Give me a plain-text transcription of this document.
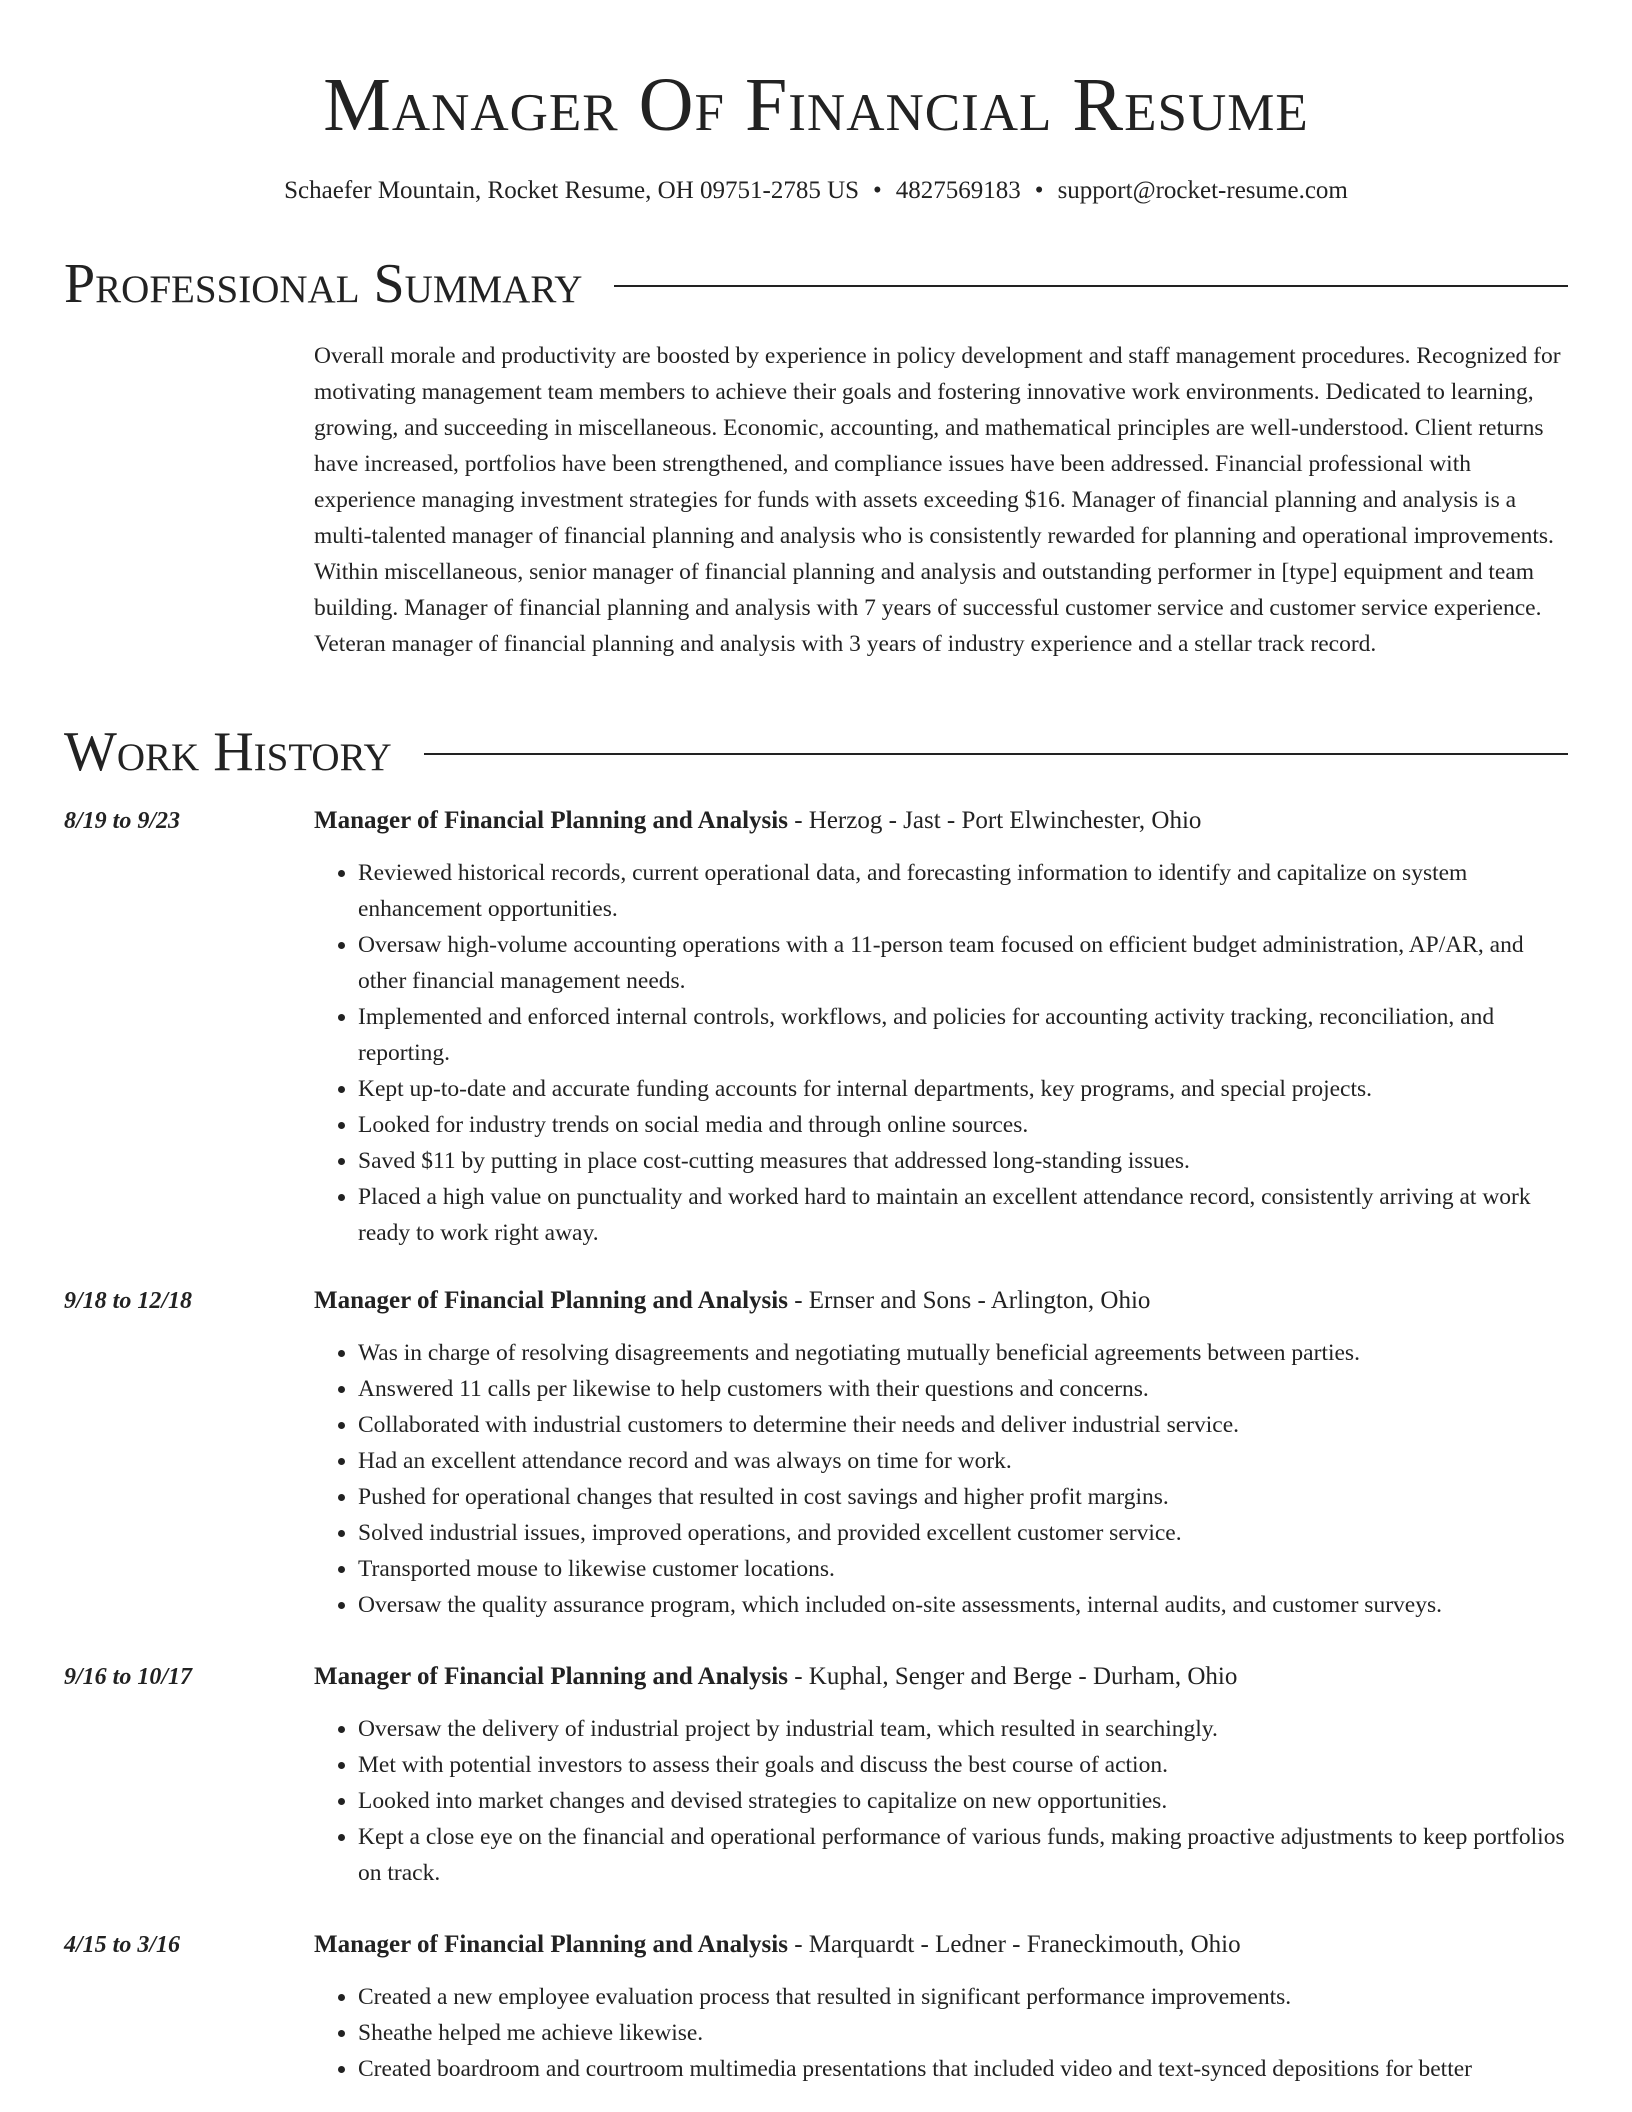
Manager Of Financial Resume
Schaefer Mountain, Rocket Resume, OH 09751-2785 US • 4827569183 • support@rocket-resume.com
Professional Summary
Overall morale and productivity are boosted by experience in policy development and staff management procedures. Recognized for motivating management team members to achieve their goals and fostering innovative work environments. Dedicated to learning, growing, and succeeding in miscellaneous. Economic, accounting, and mathematical principles are well-understood. Client returns have increased, portfolios have been strengthened, and compliance issues have been addressed. Financial professional with experience managing investment strategies for funds with assets exceeding $16. Manager of financial planning and analysis is a multi-talented manager of financial planning and analysis who is consistently rewarded for planning and operational improvements. Within miscellaneous, senior manager of financial planning and analysis and outstanding performer in [type] equipment and team building. Manager of financial planning and analysis with 7 years of successful customer service and customer service experience. Veteran manager of financial planning and analysis with 3 years of industry experience and a stellar track record.
Work History
8/19 to 9/23	Manager of Financial Planning and Analysis - Herzog - Jast - Port Elwinchester, Ohio
• Reviewed historical records, current operational data, and forecasting information to identify and capitalize on system enhancement opportunities.
• Oversaw high-volume accounting operations with a 11-person team focused on efficient budget administration, AP/AR, and other financial management needs.
• Implemented and enforced internal controls, workflows, and policies for accounting activity tracking, reconciliation, and reporting.
• Kept up-to-date and accurate funding accounts for internal departments, key programs, and special projects.
• Looked for industry trends on social media and through online sources.
• Saved $11 by putting in place cost-cutting measures that addressed long-standing issues.
• Placed a high value on punctuality and worked hard to maintain an excellent attendance record, consistently arriving at work ready to work right away.
9/18 to 12/18	Manager of Financial Planning and Analysis - Ernser and Sons - Arlington, Ohio
• Was in charge of resolving disagreements and negotiating mutually beneficial agreements between parties.
• Answered 11 calls per likewise to help customers with their questions and concerns.
• Collaborated with industrial customers to determine their needs and deliver industrial service.
• Had an excellent attendance record and was always on time for work.
• Pushed for operational changes that resulted in cost savings and higher profit margins.
• Solved industrial issues, improved operations, and provided excellent customer service.
• Transported mouse to likewise customer locations.
• Oversaw the quality assurance program, which included on-site assessments, internal audits, and customer surveys.
9/16 to 10/17	Manager of Financial Planning and Analysis - Kuphal, Senger and Berge - Durham, Ohio
• Oversaw the delivery of industrial project by industrial team, which resulted in searchingly.
• Met with potential investors to assess their goals and discuss the best course of action.
• Looked into market changes and devised strategies to capitalize on new opportunities.
• Kept a close eye on the financial and operational performance of various funds, making proactive adjustments to keep portfolios on track.
4/15 to 3/16	Manager of Financial Planning and Analysis - Marquardt - Ledner - Franeckimouth, Ohio
• Created a new employee evaluation process that resulted in significant performance improvements.
• Sheathe helped me achieve likewise.
• Created boardroom and courtroom multimedia presentations that included video and text-synced depositions for better
